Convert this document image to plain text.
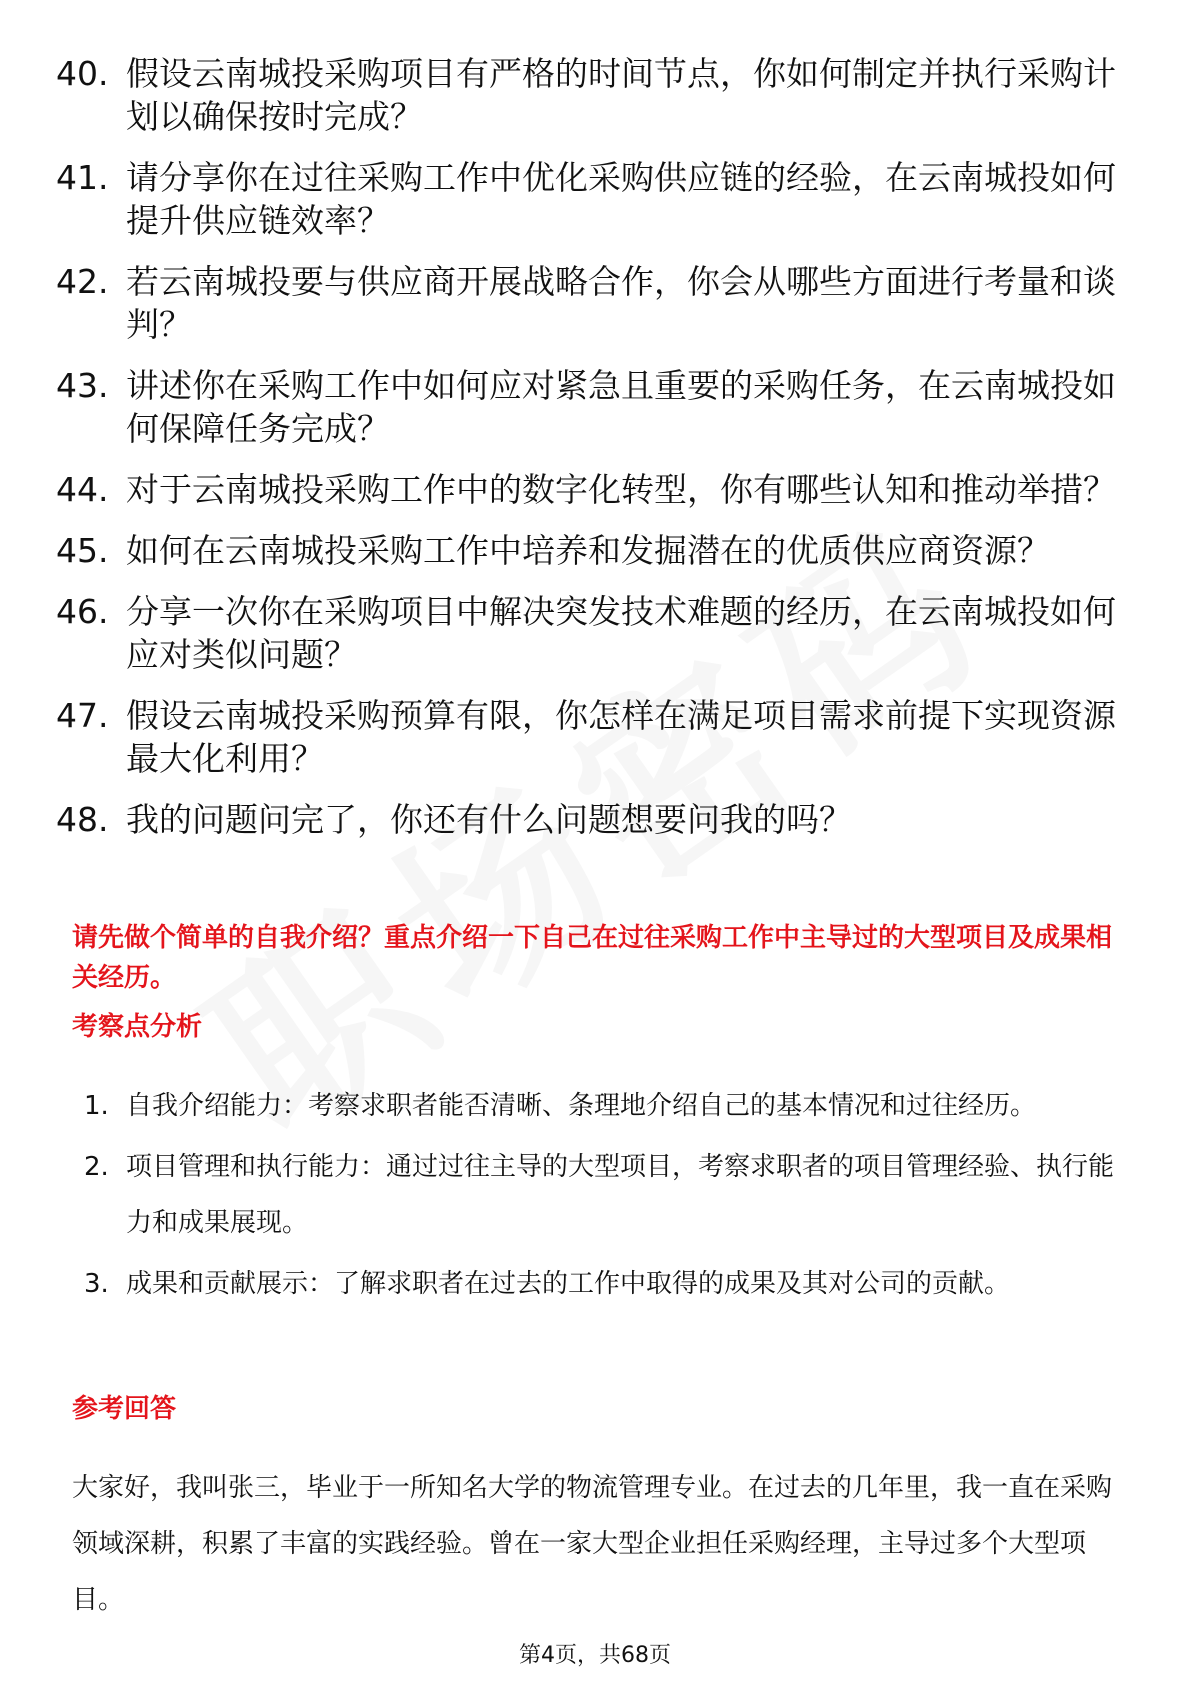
40. 假设云南城投采购项目有严格的时间节点，你如何制定并执行采购计划以确保按时完成？
41. 请分享你在过往采购工作中优化采购供应链的经验，在云南城投如何提升供应链效率？
42. 若云南城投要与供应商开展战略合作，你会从哪些方面进行考量和谈判？
43. 讲述你在采购工作中如何应对紧急且重要的采购任务，在云南城投如何保障任务完成？
44. 对于云南城投采购工作中的数字化转型，你有哪些认知和推动举措？
45. 如何在云南城投采购工作中培养和发掘潜在的优质供应商资源？
46. 分享一次你在采购项目中解决突发技术难题的经历，在云南城投如何应对类似问题？
47. 假设云南城投采购预算有限，你怎样在满足项目需求前提下实现资源最大化利用？
48. 我的问题问完了，你还有什么问题想要问我的吗？
请先做个简单的自我介绍？重点介绍一下自己在过往采购工作中主导过的大型项目及成果相关经历。
考察点分析
1. 自我介绍能力：考察求职者能否清晰、条理地介绍自己的基本情况和过往经历。
2. 项目管理和执行能力：通过过往主导的大型项目，考察求职者的项目管理经验、执行能力和成果展现。
3. 成果和贡献展示：了解求职者在过去的工作中取得的成果及其对公司的贡献。
参考回答
大家好，我叫张三，毕业于一所知名大学的物流管理专业。在过去的几年里，我一直在采购领域深耕，积累了丰富的实践经验。曾在一家大型企业担任采购经理，主导过多个大型项目。
第4页，共68页
